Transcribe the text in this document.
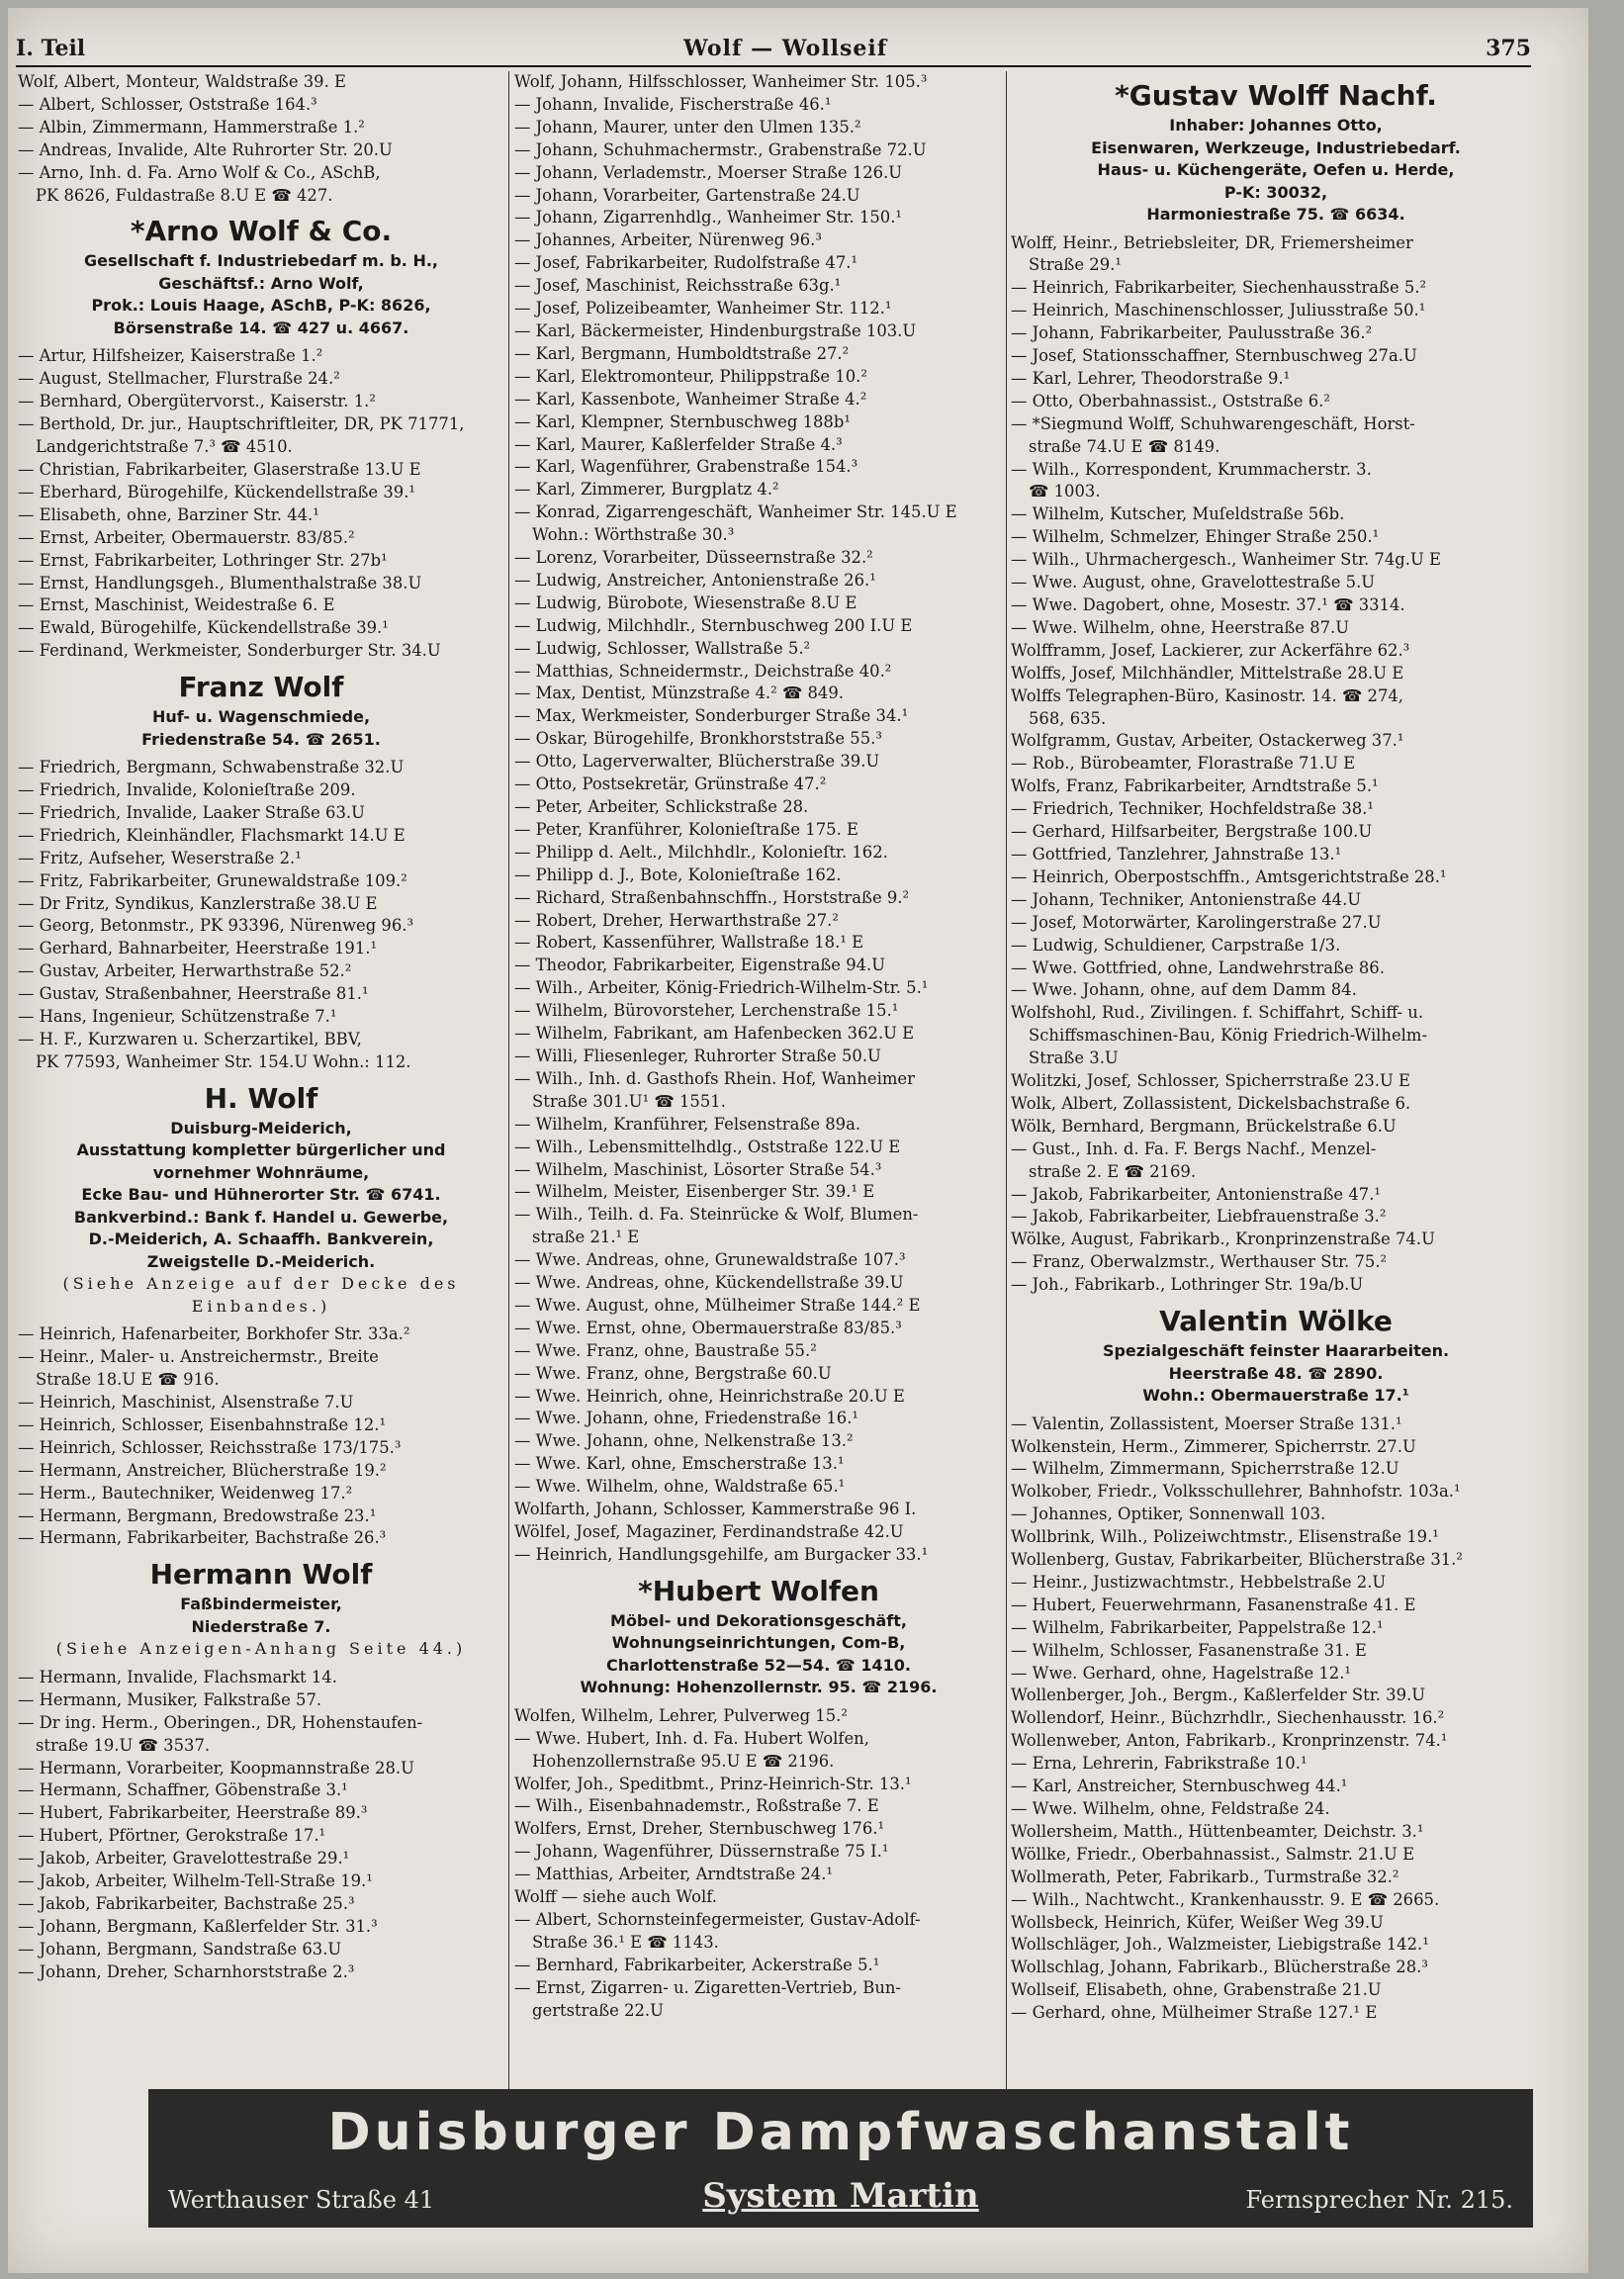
I. Teil	Wolf — Wollseif	375
Wolf, Albert, Monteur, Waldstraße 39. E
— Albert, Schlosser, Oststraße 164.³
— Albin, Zimmermann, Hammerstraße 1.²
— Andreas, Invalide, Alte Ruhrorter Str. 20.U
— Arno, Inh. d. Fa. Arno Wolf & Co., ASchB,
PK 8626, Fuldastraße 8.U E ☎ 427.
*Arno Wolf & Co.
Gesellschaft f. Industriebedarf m. b. H.,
Geschäftsf.: Arno Wolf,
Prok.: Louis Haage, ASchB, P-K: 8626,
Börsenstraße 14. ☎ 427 u. 4667.
— Artur, Hilfsheizer, Kaiserstraße 1.²
— August, Stellmacher, Flurstraße 24.²
— Bernhard, Obergütervorst., Kaiserstr. 1.²
— Berthold, Dr. jur., Hauptschriftleiter, DR, PK 71771,
Landgerichtstraße 7.³ ☎ 4510.
— Christian, Fabrikarbeiter, Glaserstraße 13.U E
— Eberhard, Bürogehilfe, Kückendellstraße 39.¹
— Elisabeth, ohne, Barziner Str. 44.¹
— Ernst, Arbeiter, Obermauerstr. 83/85.²
— Ernst, Fabrikarbeiter, Lothringer Str. 27b¹
— Ernst, Handlungsgeh., Blumenthalstraße 38.U
— Ernst, Maschinist, Weidestraße 6. E
— Ewald, Bürogehilfe, Kückendellstraße 39.¹
— Ferdinand, Werkmeister, Sonderburger Str. 34.U
Franz Wolf
Huf- u. Wagenschmiede,
Friedenstraße 54. ☎ 2651.
— Friedrich, Bergmann, Schwabenstraße 32.U
— Friedrich, Invalide, Kolonieſtraße 209.
— Friedrich, Invalide, Laaker Straße 63.U
— Friedrich, Kleinhändler, Flachsmarkt 14.U E
— Fritz, Aufseher, Weserstraße 2.¹
— Fritz, Fabrikarbeiter, Grunewaldstraße 109.²
— Dr Fritz, Syndikus, Kanzlerstraße 38.U E
— Georg, Betonmstr., PK 93396, Nürenweg 96.³
— Gerhard, Bahnarbeiter, Heerstraße 191.¹
— Gustav, Arbeiter, Herwarthstraße 52.²
— Gustav, Straßenbahner, Heerstraße 81.¹
— Hans, Ingenieur, Schützenstraße 7.¹
— H. F., Kurzwaren u. Scherzartikel, BBV,
PK 77593, Wanheimer Str. 154.U Wohn.: 112.
H. Wolf
Duisburg-Meiderich,
Ausstattung kompletter bürgerlicher und
vornehmer Wohnräume,
Ecke Bau- und Hühnerorter Str. ☎ 6741.
Bankverbind.: Bank f. Handel u. Gewerbe,
D.-Meiderich, A. Schaaffh. Bankverein,
Zweigstelle D.-Meiderich.
(Siehe Anzeige auf der Decke des
Einbandes.)
— Heinrich, Hafenarbeiter, Borkhofer Str. 33a.²
— Heinr., Maler- u. Anstreichermstr., Breite
Straße 18.U E ☎ 916.
— Heinrich, Maschinist, Alsenstraße 7.U
— Heinrich, Schlosser, Eisenbahnstraße 12.¹
— Heinrich, Schlosser, Reichsstraße 173/175.³
— Hermann, Anstreicher, Blücherstraße 19.²
— Herm., Bautechniker, Weidenweg 17.²
— Hermann, Bergmann, Bredowstraße 23.¹
— Hermann, Fabrikarbeiter, Bachstraße 26.³
Hermann Wolf
Faßbindermeister,
Niederstraße 7.
(Siehe Anzeigen-Anhang Seite 44.)
— Hermann, Invalide, Flachsmarkt 14.
— Hermann, Musiker, Falkstraße 57.
— Dr ing. Herm., Oberingen., DR, Hohenstaufen-
straße 19.U ☎ 3537.
— Hermann, Vorarbeiter, Koopmannstraße 28.U
— Hermann, Schaffner, Göbenstraße 3.¹
— Hubert, Fabrikarbeiter, Heerstraße 89.³
— Hubert, Pförtner, Gerokstraße 17.¹
— Jakob, Arbeiter, Gravelottestraße 29.¹
— Jakob, Arbeiter, Wilhelm-Tell-Straße 19.¹
— Jakob, Fabrikarbeiter, Bachstraße 25.³
— Johann, Bergmann, Kaßlerfelder Str. 31.³
— Johann, Bergmann, Sandstraße 63.U
— Johann, Dreher, Scharnhorststraße 2.³
Wolf, Johann, Hilfsschlosser, Wanheimer Str. 105.³
— Johann, Invalide, Fischerstraße 46.¹
— Johann, Maurer, unter den Ulmen 135.²
— Johann, Schuhmachermstr., Grabenstraße 72.U
— Johann, Verlademstr., Moerser Straße 126.U
— Johann, Vorarbeiter, Gartenstraße 24.U
— Johann, Zigarrenhdlg., Wanheimer Str. 150.¹
— Johannes, Arbeiter, Nürenweg 96.³
— Josef, Fabrikarbeiter, Rudolfstraße 47.¹
— Josef, Maschinist, Reichsstraße 63g.¹
— Josef, Polizeibeamter, Wanheimer Str. 112.¹
— Karl, Bäckermeister, Hindenburgstraße 103.U
— Karl, Bergmann, Humboldtstraße 27.²
— Karl, Elektromonteur, Philippstraße 10.²
— Karl, Kassenbote, Wanheimer Straße 4.²
— Karl, Klempner, Sternbuschweg 188b¹
— Karl, Maurer, Kaßlerfelder Straße 4.³
— Karl, Wagenführer, Grabenstraße 154.³
— Karl, Zimmerer, Burgplatz 4.²
— Konrad, Zigarrengeschäft, Wanheimer Str. 145.U E
Wohn.: Wörthstraße 30.³
— Lorenz, Vorarbeiter, Düsseernstraße 32.²
— Ludwig, Anstreicher, Antonienstraße 26.¹
— Ludwig, Bürobote, Wiesenstraße 8.U E
— Ludwig, Milchhdlr., Sternbuschweg 200 I.U E
— Ludwig, Schlosser, Wallstraße 5.²
— Matthias, Schneidermstr., Deichstraße 40.²
— Max, Dentist, Münzstraße 4.² ☎ 849.
— Max, Werkmeister, Sonderburger Straße 34.¹
— Oskar, Bürogehilfe, Bronkhorststraße 55.³
— Otto, Lagerverwalter, Blücherstraße 39.U
— Otto, Postsekretär, Grünstraße 47.²
— Peter, Arbeiter, Schlickstraße 28.
— Peter, Kranführer, Kolonieſtraße 175. E
— Philipp d. Aelt., Milchhdlr., Kolonieſtr. 162.
— Philipp d. J., Bote, Kolonieſtraße 162.
— Richard, Straßenbahnschffn., Horststraße 9.²
— Robert, Dreher, Herwarthstraße 27.²
— Robert, Kassenführer, Wallstraße 18.¹ E
— Theodor, Fabrikarbeiter, Eigenstraße 94.U
— Wilh., Arbeiter, König-Friedrich-Wilhelm-Str. 5.¹
— Wilhelm, Bürovorsteher, Lerchenstraße 15.¹
— Wilhelm, Fabrikant, am Hafenbecken 362.U E
— Willi, Fliesenleger, Ruhrorter Straße 50.U
— Wilh., Inh. d. Gasthofs Rhein. Hof, Wanheimer
Straße 301.U¹ ☎ 1551.
— Wilhelm, Kranführer, Felsenstraße 89a.
— Wilh., Lebensmittelhdlg., Oststraße 122.U E
— Wilhelm, Maschinist, Lösorter Straße 54.³
— Wilhelm, Meister, Eisenberger Str. 39.¹ E
— Wilh., Teilh. d. Fa. Steinrücke & Wolf, Blumen-
straße 21.¹ E
— Wwe. Andreas, ohne, Grunewaldstraße 107.³
— Wwe. Andreas, ohne, Kückendellstraße 39.U
— Wwe. August, ohne, Mülheimer Straße 144.² E
— Wwe. Ernst, ohne, Obermauerstraße 83/85.³
— Wwe. Franz, ohne, Baustraße 55.²
— Wwe. Franz, ohne, Bergstraße 60.U
— Wwe. Heinrich, ohne, Heinrichstraße 20.U E
— Wwe. Johann, ohne, Friedenstraße 16.¹
— Wwe. Johann, ohne, Nelkenstraße 13.²
— Wwe. Karl, ohne, Emscherstraße 13.¹
— Wwe. Wilhelm, ohne, Waldstraße 65.¹
Wolfarth, Johann, Schlosser, Kammerstraße 96 I.
Wölfel, Josef, Magaziner, Ferdinandstraße 42.U
— Heinrich, Handlungsgehilfe, am Burgacker 33.¹
*Hubert Wolfen
Möbel- und Dekorationsgeschäft,
Wohnungseinrichtungen, Com-B,
Charlottenstraße 52—54. ☎ 1410.
Wohnung: Hohenzollernstr. 95. ☎ 2196.
Wolfen, Wilhelm, Lehrer, Pulverweg 15.²
— Wwe. Hubert, Inh. d. Fa. Hubert Wolfen,
Hohenzollernstraße 95.U E ☎ 2196.
Wolfer, Joh., Speditbmt., Prinz-Heinrich-Str. 13.¹
— Wilh., Eisenbahnademstr., Roßstraße 7. E
Wolfers, Ernst, Dreher, Sternbuschweg 176.¹
— Johann, Wagenführer, Düssernstraße 75 I.¹
— Matthias, Arbeiter, Arndtstraße 24.¹
Wolff — siehe auch Wolf.
— Albert, Schornsteinfegermeister, Gustav-Adolf-
Straße 36.¹ E ☎ 1143.
— Bernhard, Fabrikarbeiter, Ackerstraße 5.¹
— Ernst, Zigarren- u. Zigaretten-Vertrieb, Bun-
gertstraße 22.U
*Gustav Wolff Nachf.
Inhaber: Johannes Otto,
Eisenwaren, Werkzeuge, Industriebedarf.
Haus- u. Küchengeräte, Oefen u. Herde,
P-K: 30032,
Harmoniestraße 75. ☎ 6634.
Wolff, Heinr., Betriebsleiter, DR, Friemersheimer
Straße 29.¹
— Heinrich, Fabrikarbeiter, Siechenhausstraße 5.²
— Heinrich, Maschinenschlosser, Juliusstraße 50.¹
— Johann, Fabrikarbeiter, Paulusstraße 36.²
— Josef, Stationsschaffner, Sternbuschweg 27a.U
— Karl, Lehrer, Theodorstraße 9.¹
— Otto, Oberbahnassist., Oststraße 6.²
— *Siegmund Wolff, Schuhwarengeschäft, Horst-
straße 74.U E ☎ 8149.
— Wilh., Korrespondent, Krummacherstr. 3.
☎ 1003.
— Wilhelm, Kutscher, Muſeldstraße 56b.
— Wilhelm, Schmelzer, Ehinger Straße 250.¹
— Wilh., Uhrmachergesch., Wanheimer Str. 74g.U E
— Wwe. August, ohne, Gravelottestraße 5.U
— Wwe. Dagobert, ohne, Mosestr. 37.¹ ☎ 3314.
— Wwe. Wilhelm, ohne, Heerstraße 87.U
Wolfframm, Josef, Lackierer, zur Ackerfähre 62.³
Wolffs, Josef, Milchhändler, Mittelstraße 28.U E
Wolffs Telegraphen-Büro, Kasinostr. 14. ☎ 274,
568, 635.
Wolfgramm, Gustav, Arbeiter, Ostackerweg 37.¹
— Rob., Bürobeamter, Florastraße 71.U E
Wolfs, Franz, Fabrikarbeiter, Arndtstraße 5.¹
— Friedrich, Techniker, Hochfeldstraße 38.¹
— Gerhard, Hilfsarbeiter, Bergstraße 100.U
— Gottfried, Tanzlehrer, Jahnstraße 13.¹
— Heinrich, Oberpostschffn., Amtsgerichtstraße 28.¹
— Johann, Techniker, Antonienstraße 44.U
— Josef, Motorwärter, Karolingerstraße 27.U
— Ludwig, Schuldiener, Carpstraße 1/3.
— Wwe. Gottfried, ohne, Landwehrstraße 86.
— Wwe. Johann, ohne, auf dem Damm 84.
Wolfshohl, Rud., Zivilingen. f. Schiffahrt, Schiff- u.
Schiffsmaschinen-Bau, König Friedrich-Wilhelm-
Straße 3.U
Wolitzki, Josef, Schlosser, Spicherrstraße 23.U E
Wolk, Albert, Zollassistent, Dickelsbachstraße 6.
Wölk, Bernhard, Bergmann, Brückelstraße 6.U
— Gust., Inh. d. Fa. F. Bergs Nachf., Menzel-
straße 2. E ☎ 2169.
— Jakob, Fabrikarbeiter, Antonienstraße 47.¹
— Jakob, Fabrikarbeiter, Liebfrauenstraße 3.²
Wölke, August, Fabrikarb., Kronprinzenstraße 74.U
— Franz, Oberwalzmstr., Werthauser Str. 75.²
— Joh., Fabrikarb., Lothringer Str. 19a/b.U
Valentin Wölke
Spezialgeschäft feinster Haararbeiten.
Heerstraße 48. ☎ 2890.
Wohn.: Obermauerstraße 17.¹
— Valentin, Zollassistent, Moerser Straße 131.¹
Wolkenstein, Herm., Zimmerer, Spicherrstr. 27.U
— Wilhelm, Zimmermann, Spicherrstraße 12.U
Wolkober, Friedr., Volksschullehrer, Bahnhofstr. 103a.¹
— Johannes, Optiker, Sonnenwall 103.
Wollbrink, Wilh., Polizeiwchtmstr., Elisenstraße 19.¹
Wollenberg, Gustav, Fabrikarbeiter, Blücherstraße 31.²
— Heinr., Justizwachtmstr., Hebbelstraße 2.U
— Hubert, Feuerwehrmann, Fasanenstraße 41. E
— Wilhelm, Fabrikarbeiter, Pappelstraße 12.¹
— Wilhelm, Schlosser, Fasanenstraße 31. E
— Wwe. Gerhard, ohne, Hagelstraße 12.¹
Wollenberger, Joh., Bergm., Kaßlerfelder Str. 39.U
Wollendorf, Heinr., Büchzrhdlr., Siechenhausstr. 16.²
Wollenweber, Anton, Fabrikarb., Kronprinzenstr. 74.¹
— Erna, Lehrerin, Fabrikstraße 10.¹
— Karl, Anstreicher, Sternbuschweg 44.¹
— Wwe. Wilhelm, ohne, Feldstraße 24.
Wollersheim, Matth., Hüttenbeamter, Deichstr. 3.¹
Wöllke, Friedr., Oberbahnassist., Salmstr. 21.U E
Wollmerath, Peter, Fabrikarb., Turmstraße 32.²
— Wilh., Nachtwcht., Krankenhausstr. 9. E ☎ 2665.
Wollsbeck, Heinrich, Küfer, Weißer Weg 39.U
Wollschläger, Joh., Walzmeister, Liebigstraße 142.¹
Wollschlag, Johann, Fabrikarb., Blücherstraße 28.³
Wollseif, Elisabeth, ohne, Grabenstraße 21.U
— Gerhard, ohne, Mülheimer Straße 127.¹ E
Duisburger Dampfwaschanstalt
Werthauser Straße 41	System Martin	Fernsprecher Nr. 215.
